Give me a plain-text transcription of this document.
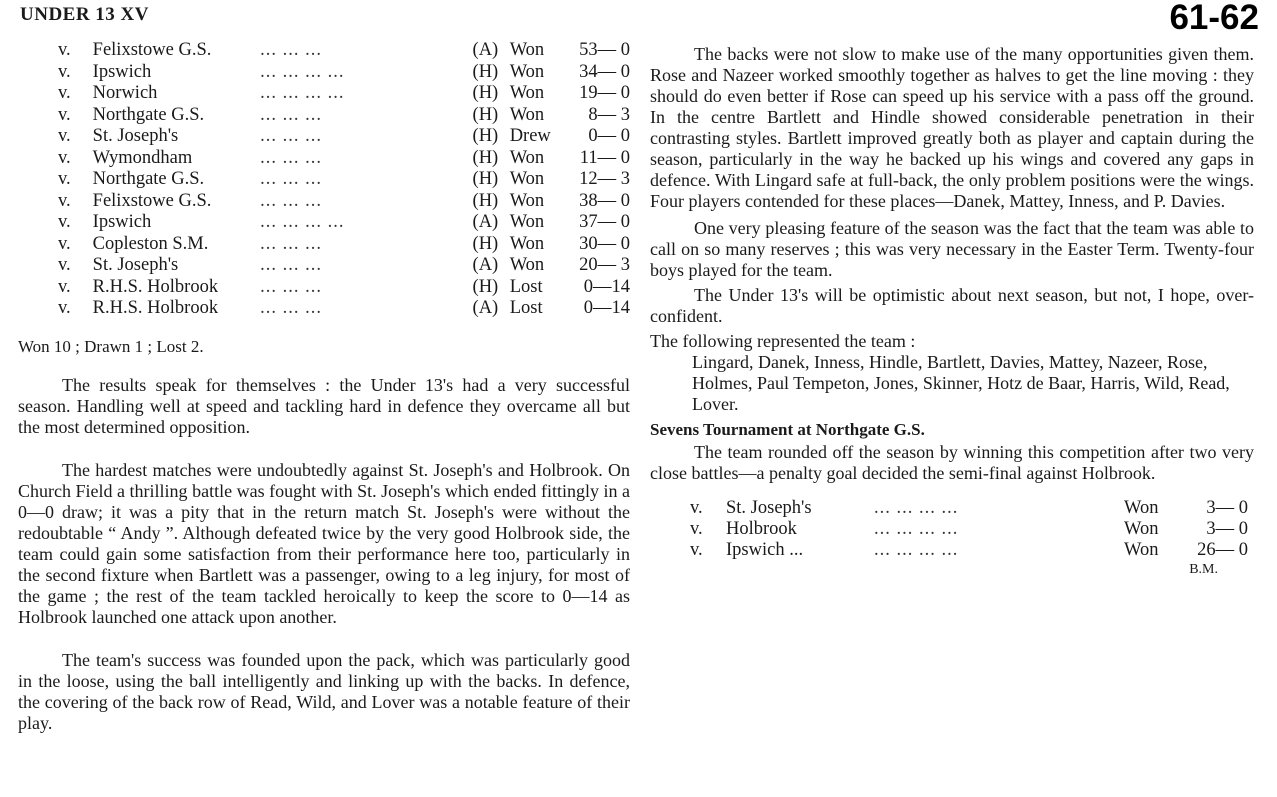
UNDER 13 XV	61-62
v.	Felixstowe G.S.	... ... ...	(A)	Won	53— 0
v.	Ipswich	... ... ... ...	(H)	Won	34— 0
v.	Norwich	... ... ... ...	(H)	Won	19— 0
v.	Northgate G.S.	... ... ...	(H)	Won	8— 3
v.	St. Joseph's	... ... ...	(H)	Drew	0— 0
v.	Wymondham	... ... ...	(H)	Won	11— 0
v.	Northgate G.S.	... ... ...	(H)	Won	12— 3
v.	Felixstowe G.S.	... ... ...	(H)	Won	38— 0
v.	Ipswich	... ... ... ...	(A)	Won	37— 0
v.	Copleston S.M.	... ... ...	(H)	Won	30— 0
v.	St. Joseph's	... ... ...	(A)	Won	20— 3
v.	R.H.S. Holbrook	... ... ...	(H)	Lost	0—14
v.	R.H.S. Holbrook	... ... ...	(A)	Lost	0—14

Won 10 ; Drawn 1 ; Lost 2.

The results speak for themselves : the Under 13's had a very successful season. Handling well at speed and tackling hard in defence they overcame all but the most determined opposition.

The hardest matches were undoubtedly against St. Joseph's and Holbrook. On Church Field a thrilling battle was fought with St. Joseph's which ended fittingly in a 0—0 draw; it was a pity that in the return match St. Joseph's were without the redoubtable “ Andy ”. Although defeated twice by the very good Holbrook side, the team could gain some satisfaction from their performance here too, particularly in the second fixture when Bartlett was a passenger, owing to a leg injury, for most of the game ; the rest of the team tackled heroically to keep the score to 0—14 as Holbrook launched one attack upon another.

The team's success was founded upon the pack, which was particularly good in the loose, using the ball intelligently and linking up with the backs. In defence, the covering of the back row of Read, Wild, and Lover was a notable feature of their play.

The backs were not slow to make use of the many opportunities given them. Rose and Nazeer worked smoothly together as halves to get the line moving : they should do even better if Rose can speed up his service with a pass off the ground. In the centre Bartlett and Hindle showed considerable penetration in their contrasting styles. Bartlett improved greatly both as player and captain during the season, particularly in the way he backed up his wings and covered any gaps in defence. With Lingard safe at full-back, the only problem positions were the wings. Four players contended for these places—Danek, Mattey, Inness, and P. Davies.

One very pleasing feature of the season was the fact that the team was able to call on so many reserves ; this was very necessary in the Easter Term. Twenty-four boys played for the team.

The Under 13's will be optimistic about next season, but not, I hope, over-confident.

The following represented the team :

Lingard, Danek, Inness, Hindle, Bartlett, Davies, Mattey, Nazeer, Rose, Holmes, Paul Tempeton, Jones, Skinner, Hotz de Baar, Harris, Wild, Read, Lover.

Sevens Tournament at Northgate G.S.

The team rounded off the season by winning this competition after two very close battles—a penalty goal decided the semi-final against Holbrook.

v.	St. Joseph's	... ... ... ...	Won	3— 0
v.	Holbrook	... ... ... ...	Won	3— 0
v.	Ipswich ...	... ... ... ...	Won	26— 0

B.M.
